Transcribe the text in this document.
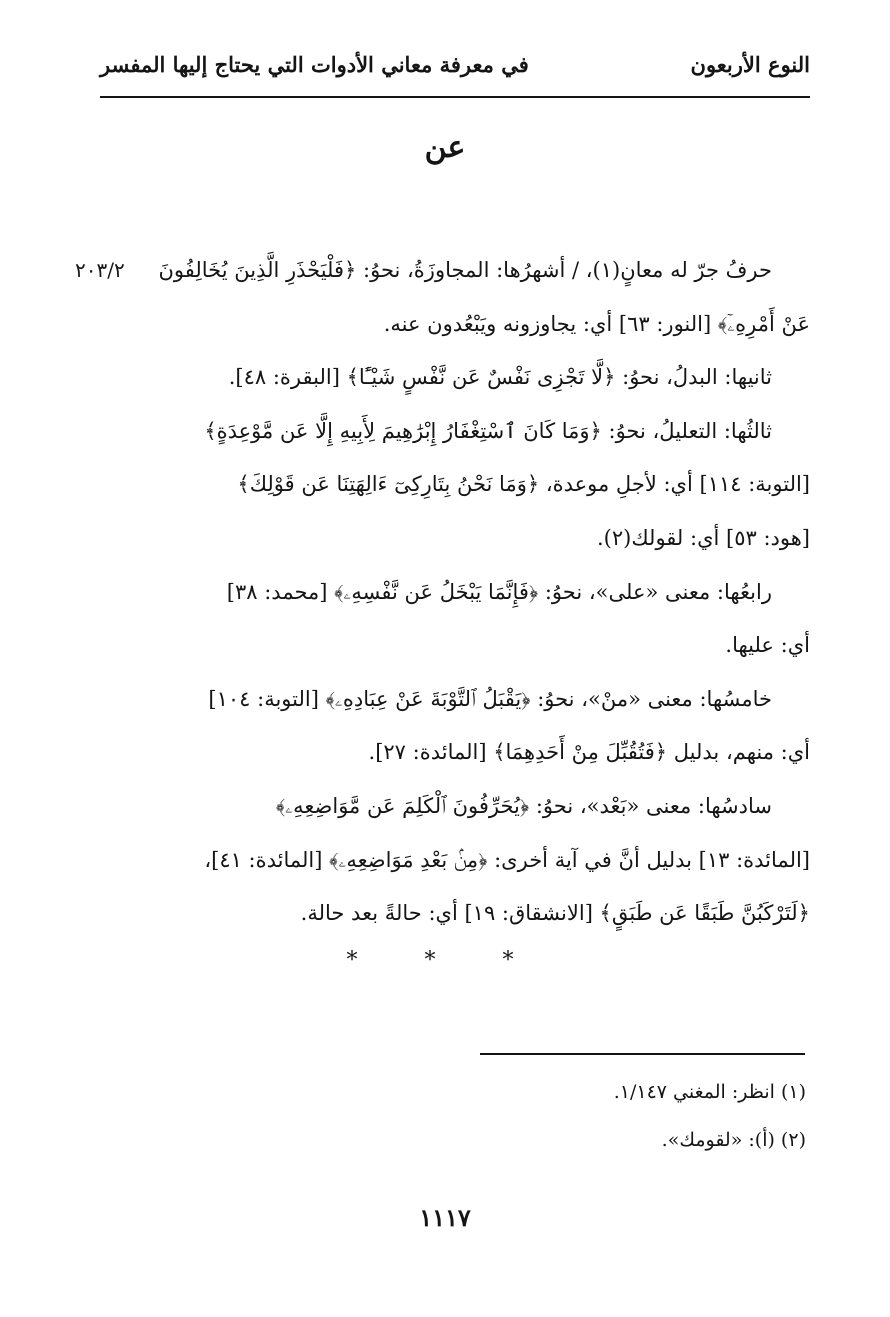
النوع الأربعون
في معرفة معاني الأدوات التي يحتاج إليها المفسر
عن
حرفُ جرّ له معانٍ(١)، / أشهرُها: المجاوزَةُ، نحوُ: ﴿فَلْيَحْذَرِ الَّذِينَ يُخَالِفُونَ
٢٠٣/٢
عَنْ أَمْرِهِۦٓ﴾ [النور: ٦٣] أي: يجاوزونه ويَبْعُدون عنه.
ثانيها: البدلُ، نحوُ: ﴿لَّا تَجْزِى نَفْسٌ عَن نَّفْسٍ شَيْـًٔا﴾ [البقرة: ٤٨].
ثالثُها: التعليلُ، نحوُ: ﴿وَمَا كَانَ ٱسْتِغْفَارُ إِبْرَٰهِيمَ لِأَبِيهِ إِلَّا عَن مَّوْعِدَةٍ﴾
[التوبة: ١١٤] أي: لأجلِ موعدة، ﴿وَمَا نَحْنُ بِتَارِكِىٓ ءَالِهَتِنَا عَن قَوْلِكَ﴾
[هود: ٥٣] أي: لقولك(٢).
رابعُها: معنى «على»، نحوُ: ﴿فَإِنَّمَا يَبْخَلُ عَن نَّفْسِهِۦ﴾ [محمد: ٣٨]
أي: عليها.
خامسُها: معنى «منْ»، نحوُ: ﴿يَقْبَلُ ٱلتَّوْبَةَ عَنْ عِبَادِهِۦ﴾ [التوبة: ١٠٤]
أي: منهم، بدليل ﴿فَتُقُبِّلَ مِنْ أَحَدِهِمَا﴾ [المائدة: ٢٧].
سادسُها: معنى «بَعْد»، نحوُ: ﴿يُحَرِّفُونَ ٱلْكَلِمَ عَن مَّوَاضِعِهِۦ﴾
[المائدة: ١٣] بدليل أنَّ في آية أخرى: ﴿مِنۢ بَعْدِ مَوَاضِعِهِۦ﴾ [المائدة: ٤١]،
﴿لَتَرْكَبُنَّ طَبَقًا عَن طَبَقٍ﴾ [الانشقاق: ١٩] أي: حالةً بعد حالة.
* * *
(١) انظر: المغني ١/١٤٧.
(٢) (أ): «لقومك».
١١١٧
